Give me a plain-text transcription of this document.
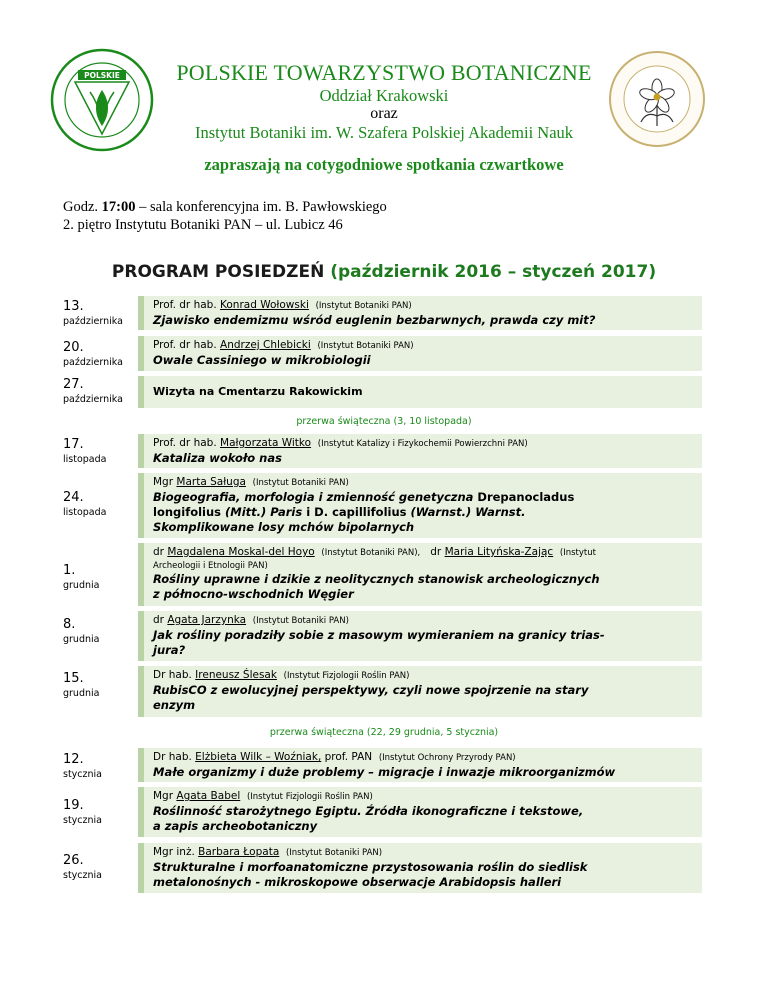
POLSKIE	POLSKIE TOWARZYSTWO BOTANICZNE
Oddział Krakowski
oraz
Instytut Botaniki im. W. Szafera Polskiej Akademii Nauk
zapraszają na cotygodniowe spotkania czwartkowe
Godz. 17:00 – sala konferencyjna im. B. Pawłowskiego
2. piętro Instytutu Botaniki PAN – ul. Lubicz 46
PROGRAM POSIEDZEŃ (październik 2016 – styczeń 2017)
13.
października
Prof. dr hab. Konrad Wołowski (Instytut Botaniki PAN)
Zjawisko endemizmu wśród euglenin bezbarwnych, prawda czy mit?
20.
października
Prof. dr hab. Andrzej Chlebicki (Instytut Botaniki PAN)
Owale Cassiniego w mikrobiologii
27.
października
Wizyta na Cmentarzu Rakowickim
przerwa świąteczna (3, 10 listopada)
17.
listopada
Prof. dr hab. Małgorzata Witko (Instytut Katalizy i Fizykochemii Powierzchni PAN)
Kataliza wokoło nas
24.
listopada
Mgr Marta Saługa (Instytut Botaniki PAN)
Biogeografia, morfologia i zmienność genetyczna Drepanocladus
longifolius (Mitt.) Paris i D. capillifolius (Warnst.) Warnst.
Skomplikowane losy mchów bipolarnych
1.
grudnia
dr Magdalena Moskal-del Hoyo (Instytut Botaniki PAN), dr Maria Lityńska-Zając (Instytut
Archeologii i Etnologii PAN)
Rośliny uprawne i dzikie z neolitycznych stanowisk archeologicznych
z północno-wschodnich Węgier
8.
grudnia
dr Agata Jarzynka (Instytut Botaniki PAN)
Jak rośliny poradziły sobie z masowym wymieraniem na granicy trias-
jura?
15.
grudnia
Dr hab. Ireneusz Ślesak (Instytut Fizjologii Roślin PAN)
RubisCO z ewolucyjnej perspektywy, czyli nowe spojrzenie na stary
enzym
przerwa świąteczna (22, 29 grudnia, 5 stycznia)
12.
stycznia
Dr hab. Elżbieta Wilk – Woźniak, prof. PAN (Instytut Ochrony Przyrody PAN)
Małe organizmy i duże problemy – migracje i inwazje mikroorganizmów
19.
stycznia
Mgr Agata Babel (Instytut Fizjologii Roślin PAN)
Roślinność starożytnego Egiptu. Źródła ikonograficzne i tekstowe,
a zapis archeobotaniczny
26.
stycznia
Mgr inż. Barbara Łopata (Instytut Botaniki PAN)
Strukturalne i morfoanatomiczne przystosowania roślin do siedlisk
metalonośnych - mikroskopowe obserwacje Arabidopsis halleri
